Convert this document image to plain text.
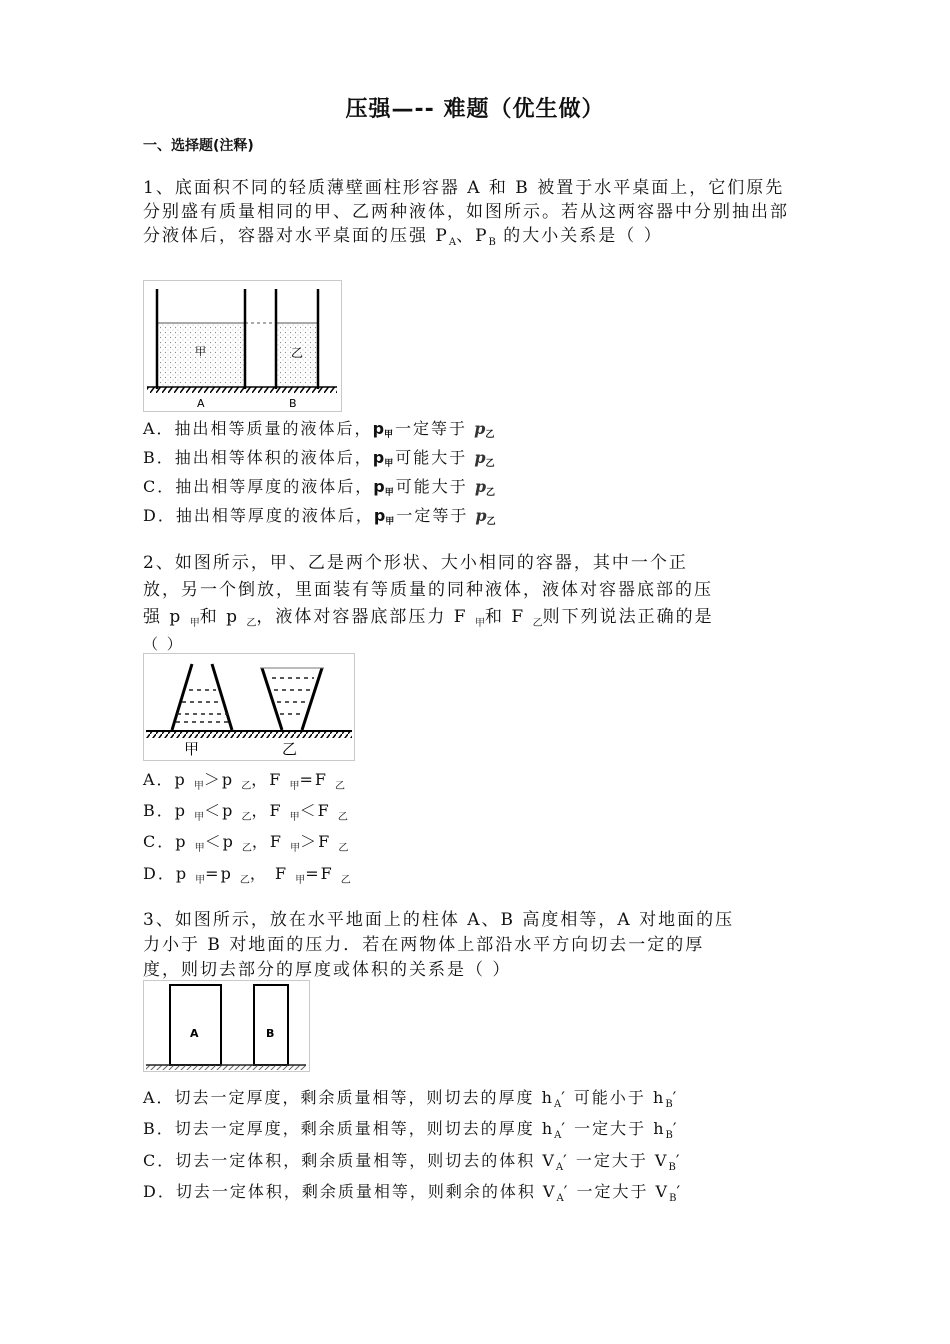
压强—-- 难题（优生做）
一、选择题(注释)
1、底面积不同的轻质薄壁画柱形容器 A 和 B 被置于水平桌面上，它们原先分别盛有质量相同的甲、乙两种液体，如图所示。若从这两容器中分别抽出部分液体后，容器对水平桌面的压强 $P_A$、$P_B$ 的大小关系是（ ）
甲	乙
A	B
A．抽出相等质量的液体后，p甲一定等于 p乙
B．抽出相等体积的液体后，p甲可能大于 p乙
C．抽出相等厚度的液体后，p甲可能大于 p乙
D．抽出相等厚度的液体后，p甲一定等于 p乙
2、如图所示，甲、乙是两个形状、大小相同的容器，其中一个正
放，另一个倒放，里面装有等质量的同种液体，液体对容器底部的压
强 p $_甲$和 p $_乙$，液体对容器底部压力 F $_甲$和 F $_乙$则下列说法正确的是
（ ）
甲	乙
A．p $_甲$＞p $_乙$，F $_甲$=F $_乙$
B．p $_甲$＜p $_乙$，F $_甲$＜F $_乙$
C．p $_甲$＜p $_乙$，F $_甲$＞F $_乙$
D．p $_甲$=p $_乙$， F $_甲$=F $_乙$
3、如图所示，放在水平地面上的柱体 A、B 高度相等，A 对地面的压
力小于 B 对地面的压力．若在两物体上部沿水平方向切去一定的厚
度，则切去部分的厚度或体积的关系是（ ）
A	B
A．切去一定厚度，剩余质量相等，则切去的厚度 $h_A'$ 可能小于 $h_B'$
B．切去一定厚度，剩余质量相等，则切去的厚度 $h_A'$ 一定大于 $h_B'$
C．切去一定体积，剩余质量相等，则切去的体积 $V_A'$ 一定大于 $V_B'$
D．切去一定体积，剩余质量相等，则剩余的体积 $V_A'$ 一定大于 $V_B'$
